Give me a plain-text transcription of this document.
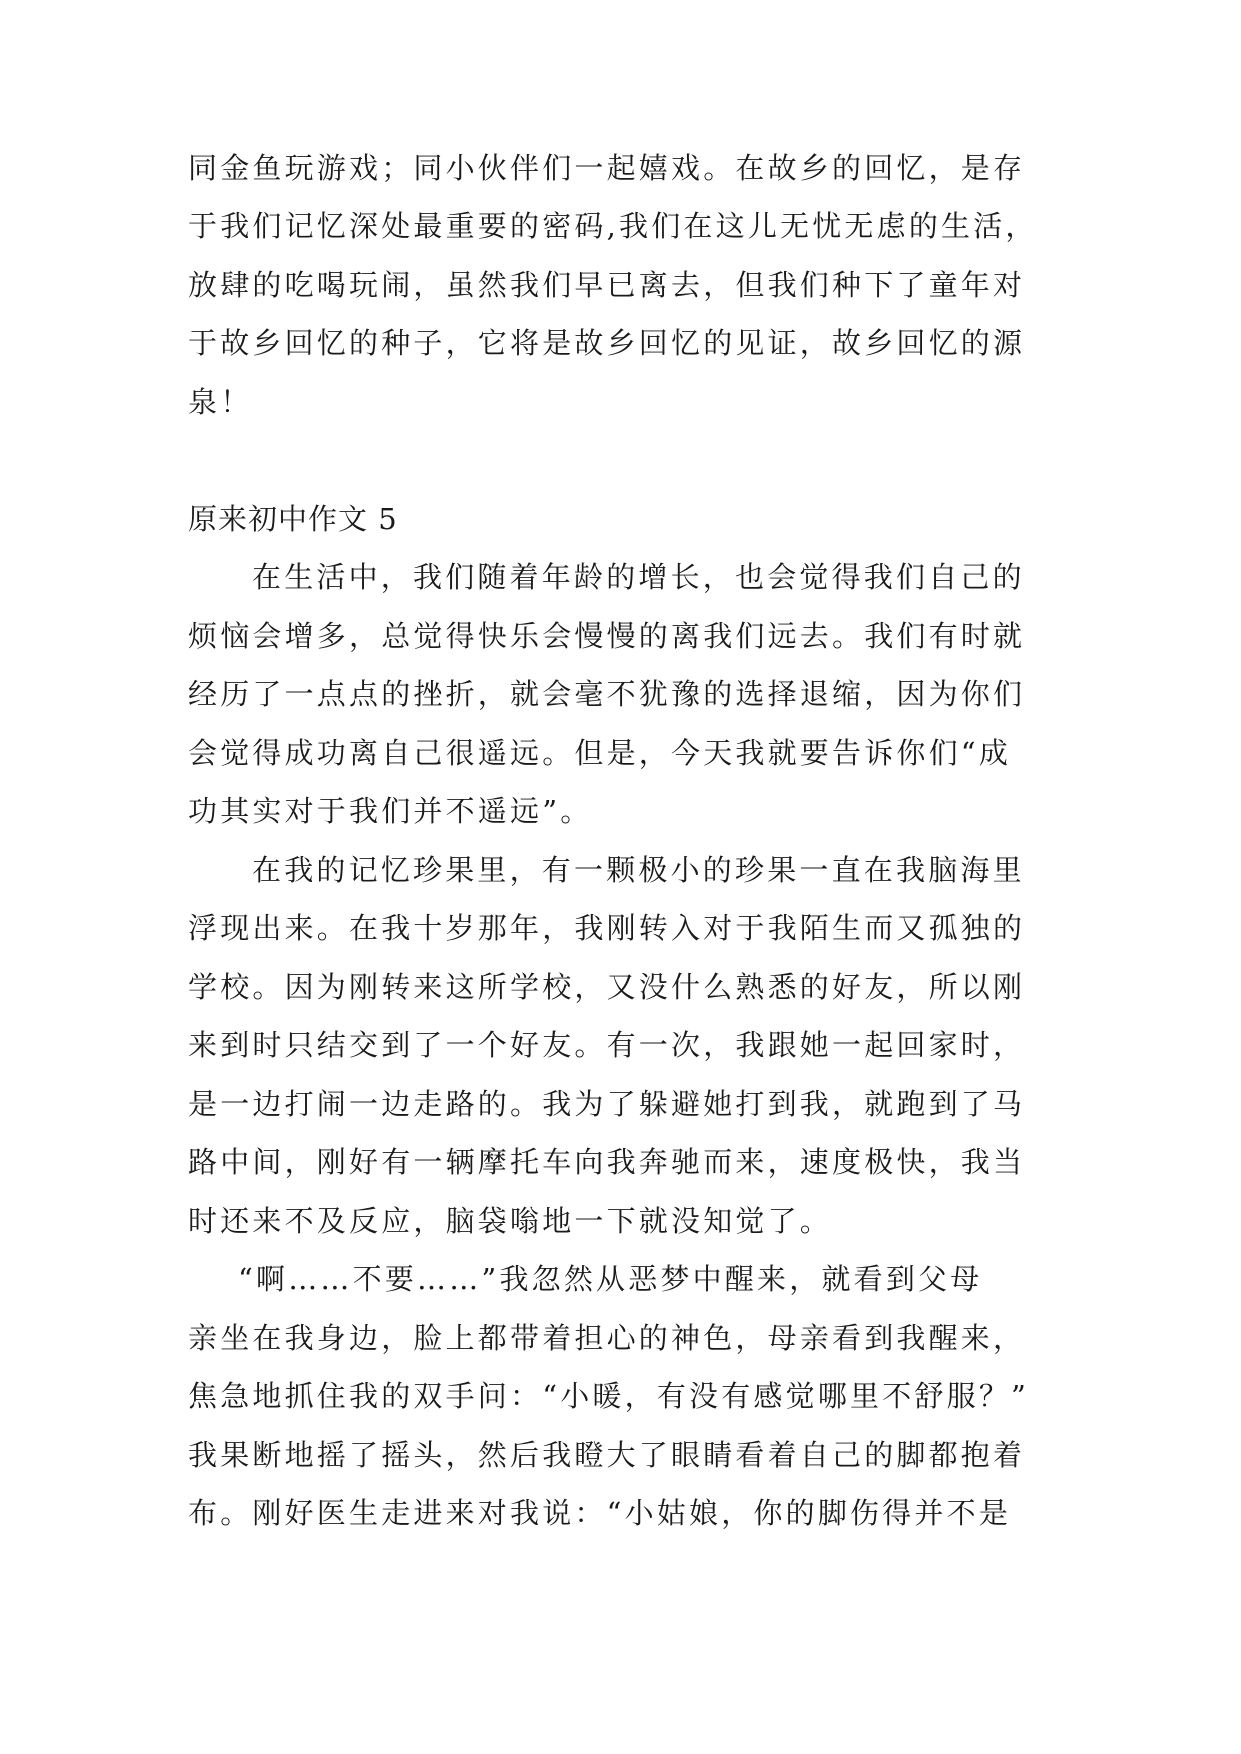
同金鱼玩游戏；同小伙伴们一起嬉戏。在故乡的回忆，是存
于我们记忆深处最重要的密码,我们在这儿无忧无虑的生活，
放肆的吃喝玩闹，虽然我们早已离去，但我们种下了童年对
于故乡回忆的种子，它将是故乡回忆的见证，故乡回忆的源
泉！
原来初中作文 5
在生活中，我们随着年龄的增长，也会觉得我们自己的
烦恼会增多，总觉得快乐会慢慢的离我们远去。我们有时就
经历了一点点的挫折，就会毫不犹豫的选择退缩，因为你们
会觉得成功离自己很遥远。但是，今天我就要告诉你们“成
功其实对于我们并不遥远”。
在我的记忆珍果里，有一颗极小的珍果一直在我脑海里
浮现出来。在我十岁那年，我刚转入对于我陌生而又孤独的
学校。因为刚转来这所学校，又没什么熟悉的好友，所以刚
来到时只结交到了一个好友。有一次，我跟她一起回家时，
是一边打闹一边走路的。我为了躲避她打到我，就跑到了马
路中间，刚好有一辆摩托车向我奔驰而来，速度极快，我当
时还来不及反应，脑袋嗡地一下就没知觉了。
“啊……不要……”我忽然从恶梦中醒来，就看到父母
亲坐在我身边，脸上都带着担心的神色，母亲看到我醒来，
焦急地抓住我的双手问：“小暖，有没有感觉哪里不舒服？”
我果断地摇了摇头，然后我瞪大了眼睛看着自己的脚都抱着
布。刚好医生走进来对我说：“小姑娘，你的脚伤得并不是
